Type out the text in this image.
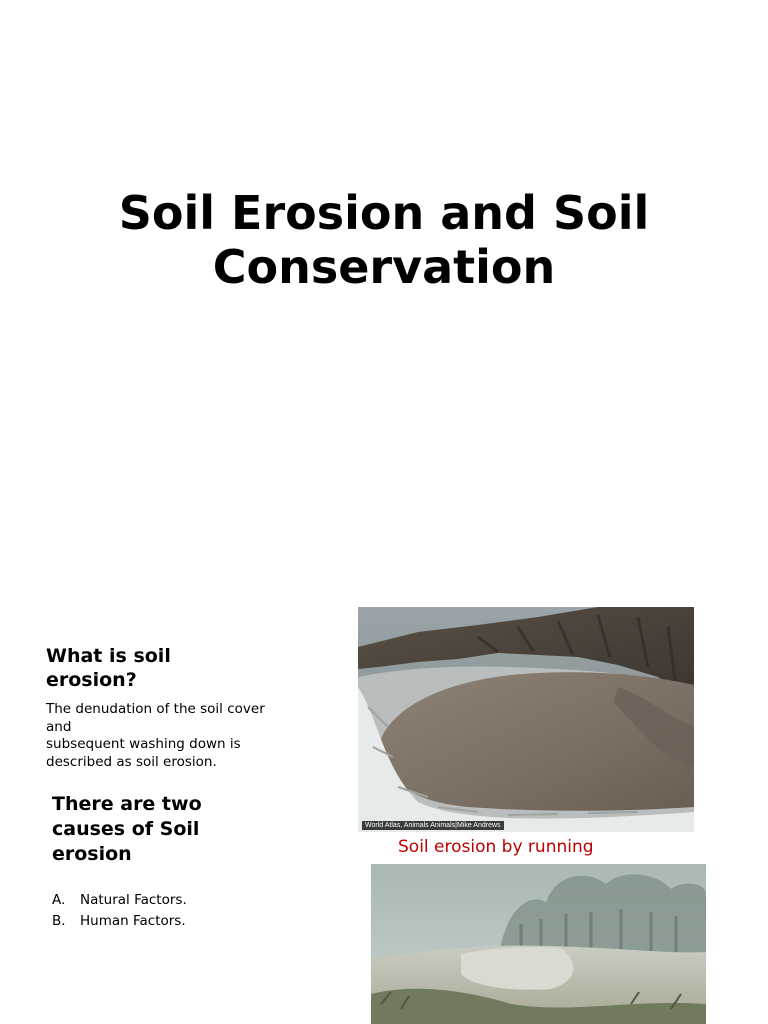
Soil Erosion and Soil
Conservation
What is soil erosion?
The denudation of the soil cover and
subsequent washing down is described as soil erosion.
There are two causes of Soil erosion
A.	Natural Factors.
B.	Human Factors.
World Atlas, Animals Animals|Mike Andrews
Soil erosion by running
